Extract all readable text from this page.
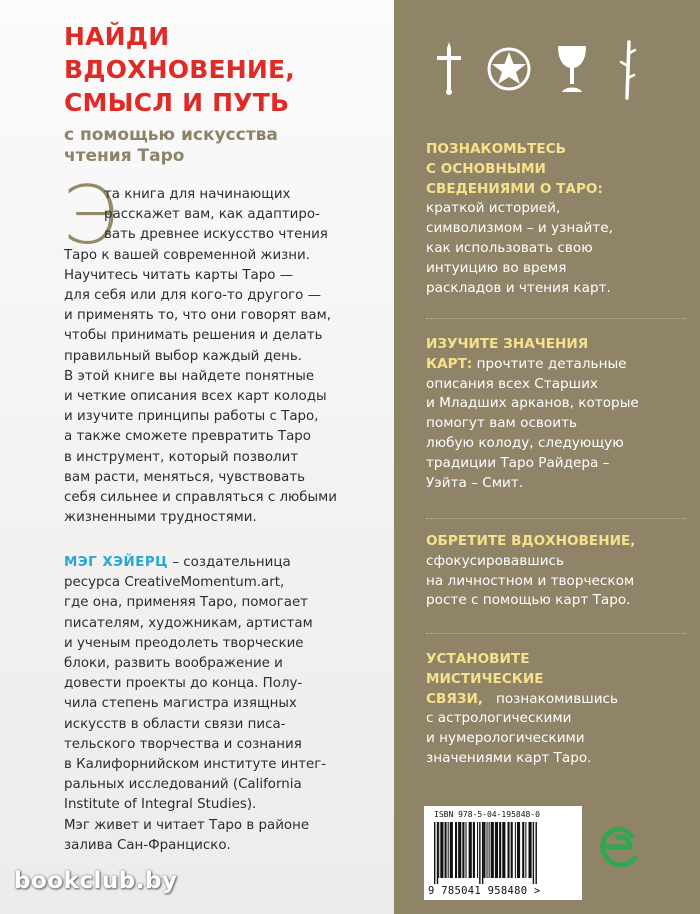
НАЙДИ
ВДОХНОВЕНИЕ,
СМЫСЛ И ПУТЬ
с помощью искусства
чтения Таро
Э
та книга для начинающих
расскажет вам, как адаптиро-
вать древнее искусство чтения
Таро к вашей современной жизни.
Научитесь читать карты Таро —
для себя или для кого-то другого —
и применять то, что они говорят вам,
чтобы принимать решения и делать
правильный выбор каждый день.
В этой книге вы найдете понятные
и четкие описания всех карт колоды
и изучите принципы работы с Таро,
а также сможете превратить Таро
в инструмент, который позволит
вам расти, меняться, чувствовать
себя сильнее и справляться с любыми
жизненными трудностями.
МЭГ ХЭЙЕРЦ – создательница
ресурса CreativeMomentum.art,
где она, применяя Таро, помогает
писателям, художникам, артистам
и ученым преодолеть творческие
блоки, развить воображение и
довести проекты до конца. Полу-
чила степень магистра изящных
искусств в области связи писа-
тельского творчества и сознания
в Калифорнийском институте интег-
ральных исследований (California
Institute of Integral Studies).
Мэг живет и читает Таро в районе
залива Сан-Франциско.
ПОЗНАКОМЬТЕСЬ
С ОСНОВНЫМИ
СВЕДЕНИЯМИ О ТАРО:
краткой историей,
символизмом – и узнайте,
как использовать свою
интуицию во время
раскладов и чтения карт.
ИЗУЧИТЕ ЗНАЧЕНИЯ
КАРТ: прочтите детальные
описания всех Старших
и Младших арканов, которые
помогут вам освоить
любую колоду, следующую
традиции Таро Райдера –
Уэйта – Смит.
ОБРЕТИТЕ ВДОХНОВЕНИЕ,
сфокусировавшись
на личностном и творческом
росте с помощью карт Таро.
УСТАНОВИТЕ
МИСТИЧЕСКИЕ
СВЯЗИ,   познакомившись
с астрологическими
и нумерологическими
значениями карт Таро.
ISBN 978-5-04-195848-0
9 785041 958480 >
bookclub.by
